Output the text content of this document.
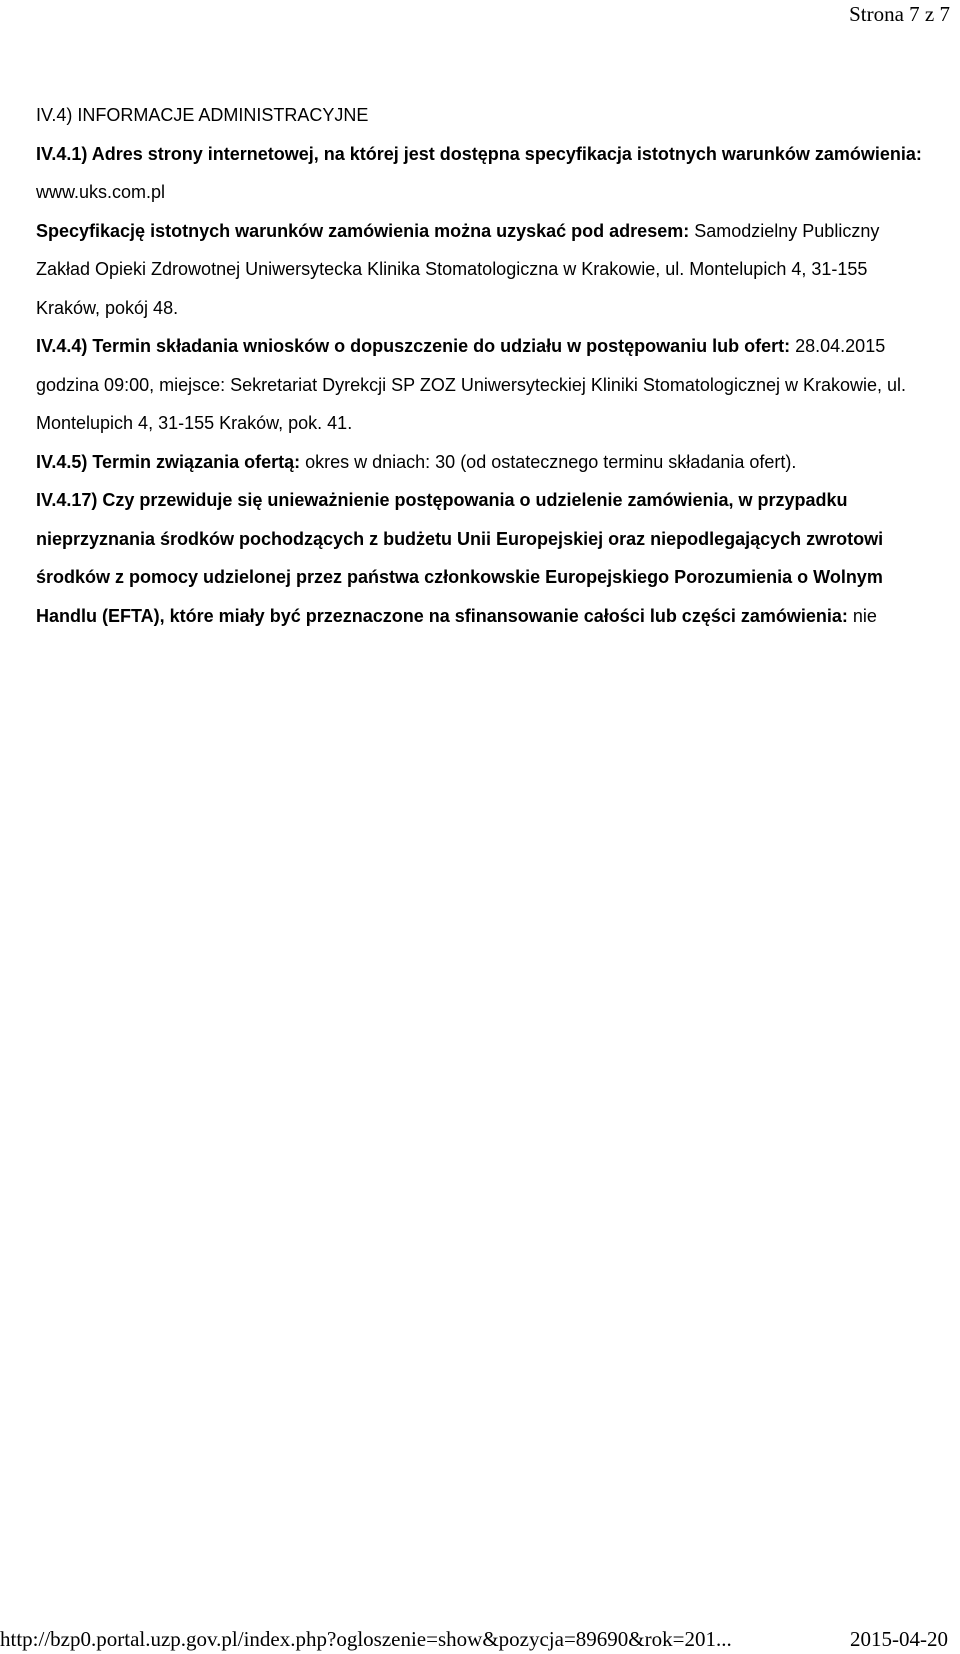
Strona 7 z 7

IV.4) INFORMACJE ADMINISTRACYJNE

IV.4.1) Adres strony internetowej, na której jest dostępna specyfikacja istotnych warunków zamówienia: www.uks.com.pl

Specyfikację istotnych warunków zamówienia można uzyskać pod adresem: Samodzielny Publiczny Zakład Opieki Zdrowotnej Uniwersytecka Klinika Stomatologiczna w Krakowie, ul. Montelupich 4, 31-155 Kraków, pokój 48.

IV.4.4) Termin składania wniosków o dopuszczenie do udziału w postępowaniu lub ofert: 28.04.2015 godzina 09:00, miejsce: Sekretariat Dyrekcji SP ZOZ Uniwersyteckiej Kliniki Stomatologicznej w Krakowie, ul. Montelupich 4, 31-155 Kraków, pok. 41.

IV.4.5) Termin związania ofertą: okres w dniach: 30 (od ostatecznego terminu składania ofert).

IV.4.17) Czy przewiduje się unieważnienie postępowania o udzielenie zamówienia, w przypadku nieprzyznania środków pochodzących z budżetu Unii Europejskiej oraz niepodlegających zwrotowi środków z pomocy udzielonej przez państwa członkowskie Europejskiego Porozumienia o Wolnym Handlu (EFTA), które miały być przeznaczone na sfinansowanie całości lub części zamówienia: nie

http://bzp0.portal.uzp.gov.pl/index.php?ogloszenie=show&pozycja=89690&rok=201...	2015-04-20
